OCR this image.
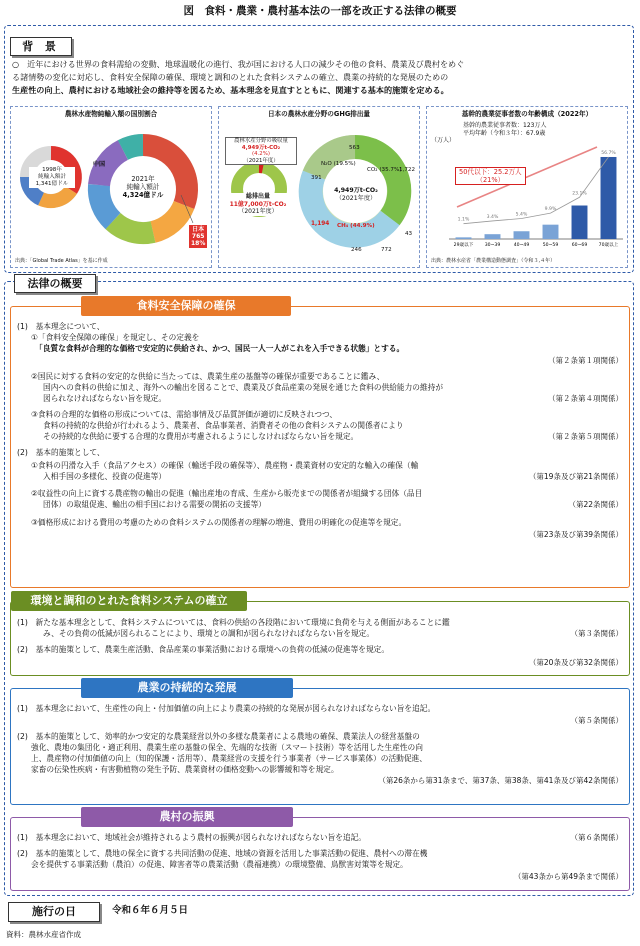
図　食料・農業・農村基本法の一部を改正する法律の概要
背 景
○　近年における世界の食料需給の変動、地球温暖化の進行、我が国における人口の減少その他の食料、農業及び農村をめぐ
る諸情勢の変化に対応し、食料安全保障の確保、環境と調和のとれた食料システムの確立、農業の持続的な発展のための
生産性の向上、農村における地域社会の維持等を図るため、基本理念を見直すとともに、関連する基本的施策を定める。
農林水産物純輸入額の国別割合
1998年
純輸入額計
1,341億ドル
2021年
純輸入額計
4,324億ドル
中国
日本
765
18%
出典：「Global Trade Atlas」を基に作成
日本の農林水産分野のGHG排出量
農林水産分野の吸収量
4,949万t-CO₂
(4.2%)
（2021年度）
総排出量
11億7,000万t-CO₂
（2021年度）
4,949万t-CO₂
（2021年度）
CO₂ (35.7%)
CH₄ (44.9%)
N₂O (19.5%)
563
1,722
391
1,194
246	772
43
基幹的農業従事者数の年齢構成（2022年）
基幹的農業従事者数：123万人
平均年齢（令和３年）：67.9歳
（万人）
29歳以下
1.1%
30~39
3.4%
40~49
5.4%
50~59
9.9%
60~69
23.1%
70歳以上
56.7%
50代以下：25.2万人
（21%）
出典：農林水産省「農業構造動態調査」（令和３,４年）
法律の概要
食料安全保障の確保
(1)　基本理念について、
①「食料安全保障の確保」を規定し、その定義を
「良質な食料が合理的な価格で安定的に供給され、かつ、国民一人一人がこれを入手できる状態」とする。
（第２条第１項関係）
②国民に対する食料の安定的な供給に当たっては、農業生産の基盤等の確保が重要であることに鑑み、
国内への食料の供給に加え、海外への輸出を図ることで、農業及び食品産業の発展を通じた食料の供給能力の維持が
図られなければならない旨を規定。	（第２条第４項関係）
③食料の合理的な価格の形成については、需給事情及び品質評価が適切に反映されつつ、
食料の持続的な供給が行われるよう、農業者、食品事業者、消費者その他の食料システムの関係者により
その持続的な供給に要する合理的な費用が考慮されるようにしなければならない旨を規定。	（第２条第５項関係）
(2)　基本的施策として、
①食料の円滑な入手（食品アクセス）の確保（輸送手段の確保等）、農産物・農業資材の安定的な輸入の確保（輸
入相手国の多様化、投資の促進等）	（第19条及び第21条関係）
②収益性の向上に資する農産物の輸出の促進（輸出産地の育成、生産から販売までの関係者が組織する団体（品目
団体）の取組促進、輸出の相手国における需要の開拓の支援等）	（第22条関係）
③価格形成における費用の考慮のための食料システムの関係者の理解の増進、費用の明確化の促進等を規定。
（第23条及び第39条関係）
環境と調和のとれた食料システムの確立
(1)　新たな基本理念として、食料システムについては、食料の供給の各段階において環境に負荷を与える側面があることに鑑
み、その負荷の低減が図られることにより、環境との調和が図られなければならない旨を規定。	（第３条関係）
(2)　基本的施策として、農業生産活動、食品産業の事業活動における環境への負荷の低減の促進等を規定。
（第20条及び第32条関係）
農業の持続的な発展
(1)　基本理念において、生産性の向上・付加価値の向上により農業の持続的な発展が図られなければならない旨を追記。
（第５条関係）
(2)　基本的施策として、効率的かつ安定的な農業経営以外の多様な農業者による農地の確保、農業法人の経営基盤の
強化、農地の集団化・適正利用、農業生産の基盤の保全、先端的な技術（スマート技術）等を活用した生産性の向
上、農産物の付加価値の向上（知的保護・活用等）、農業経営の支援を行う事業者（サービス事業体）の活動促進、
家畜の伝染性疾病・有害動植物の発生予防、農業資材の価格変動への影響緩和等を規定。
（第26条から第31条まで、第37条、第38条、第41条及び第42条関係）
農村の振興
(1)　基本理念において、地域社会が維持されるよう農村の振興が図られなければならない旨を追記。	（第６条関係）
(2)　基本的施策として、農地の保全に資する共同活動の促進、地域の資源を活用した事業活動の促進、農村への滞在機
会を提供する事業活動（農泊）の促進、障害者等の農業活動（農福連携）の環境整備、鳥獣害対策等を規定。
（第43条から第49条まで関係）
施行の日	令和６年６月５日
資料：農林水産省作成
